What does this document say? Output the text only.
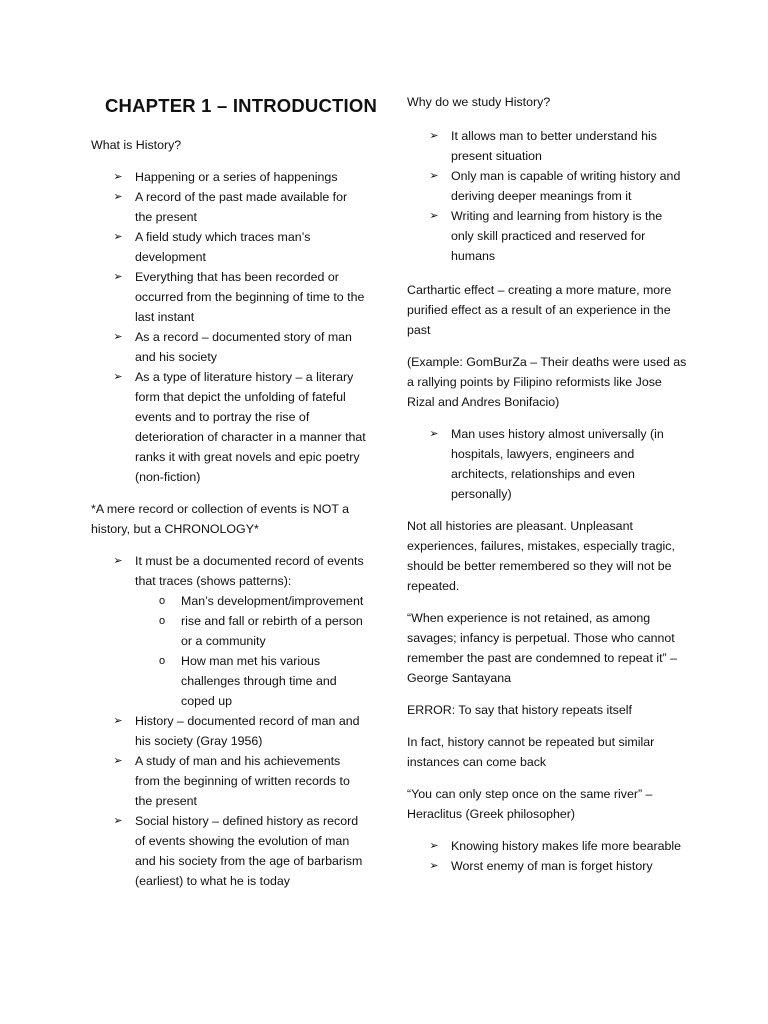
CHAPTER 1 – INTRODUCTION

What is History?

➢ Happening or a series of happenings
➢ A record of the past made available for the present
➢ A field study which traces man’s development
➢ Everything that has been recorded or occurred from the beginning of time to the last instant
➢ As a record – documented story of man and his society
➢ As a type of literature history – a literary form that depict the unfolding of fateful events and to portray the rise of deterioration of character in a manner that ranks it with great novels and epic poetry (non-fiction)

*A mere record or collection of events is NOT a history, but a CHRONOLOGY*

➢ It must be a documented record of events that traces (shows patterns):
o Man’s development/improvement
o rise and fall or rebirth of a person or a community
o How man met his various challenges through time and coped up
➢ History – documented record of man and his society (Gray 1956)
➢ A study of man and his achievements from the beginning of written records to the present
➢ Social history – defined history as record of events showing the evolution of man and his society from the age of barbarism (earliest) to what he is today

Why do we study History?

➢ It allows man to better understand his present situation
➢ Only man is capable of writing history and deriving deeper meanings from it
➢ Writing and learning from history is the only skill practiced and reserved for humans

Carthartic effect – creating a more mature, more purified effect as a result of an experience in the past

(Example: GomBurZa – Their deaths were used as a rallying points by Filipino reformists like Jose Rizal and Andres Bonifacio)

➢ Man uses history almost universally (in hospitals, lawyers, engineers and architects, relationships and even personally)

Not all histories are pleasant. Unpleasant experiences, failures, mistakes, especially tragic, should be better remembered so they will not be repeated.

“When experience is not retained, as among savages; infancy is perpetual. Those who cannot remember the past are condemned to repeat it” – George Santayana

ERROR: To say that history repeats itself

In fact, history cannot be repeated but similar instances can come back

“You can only step once on the same river” – Heraclitus (Greek philosopher)

➢ Knowing history makes life more bearable
➢ Worst enemy of man is forget history
